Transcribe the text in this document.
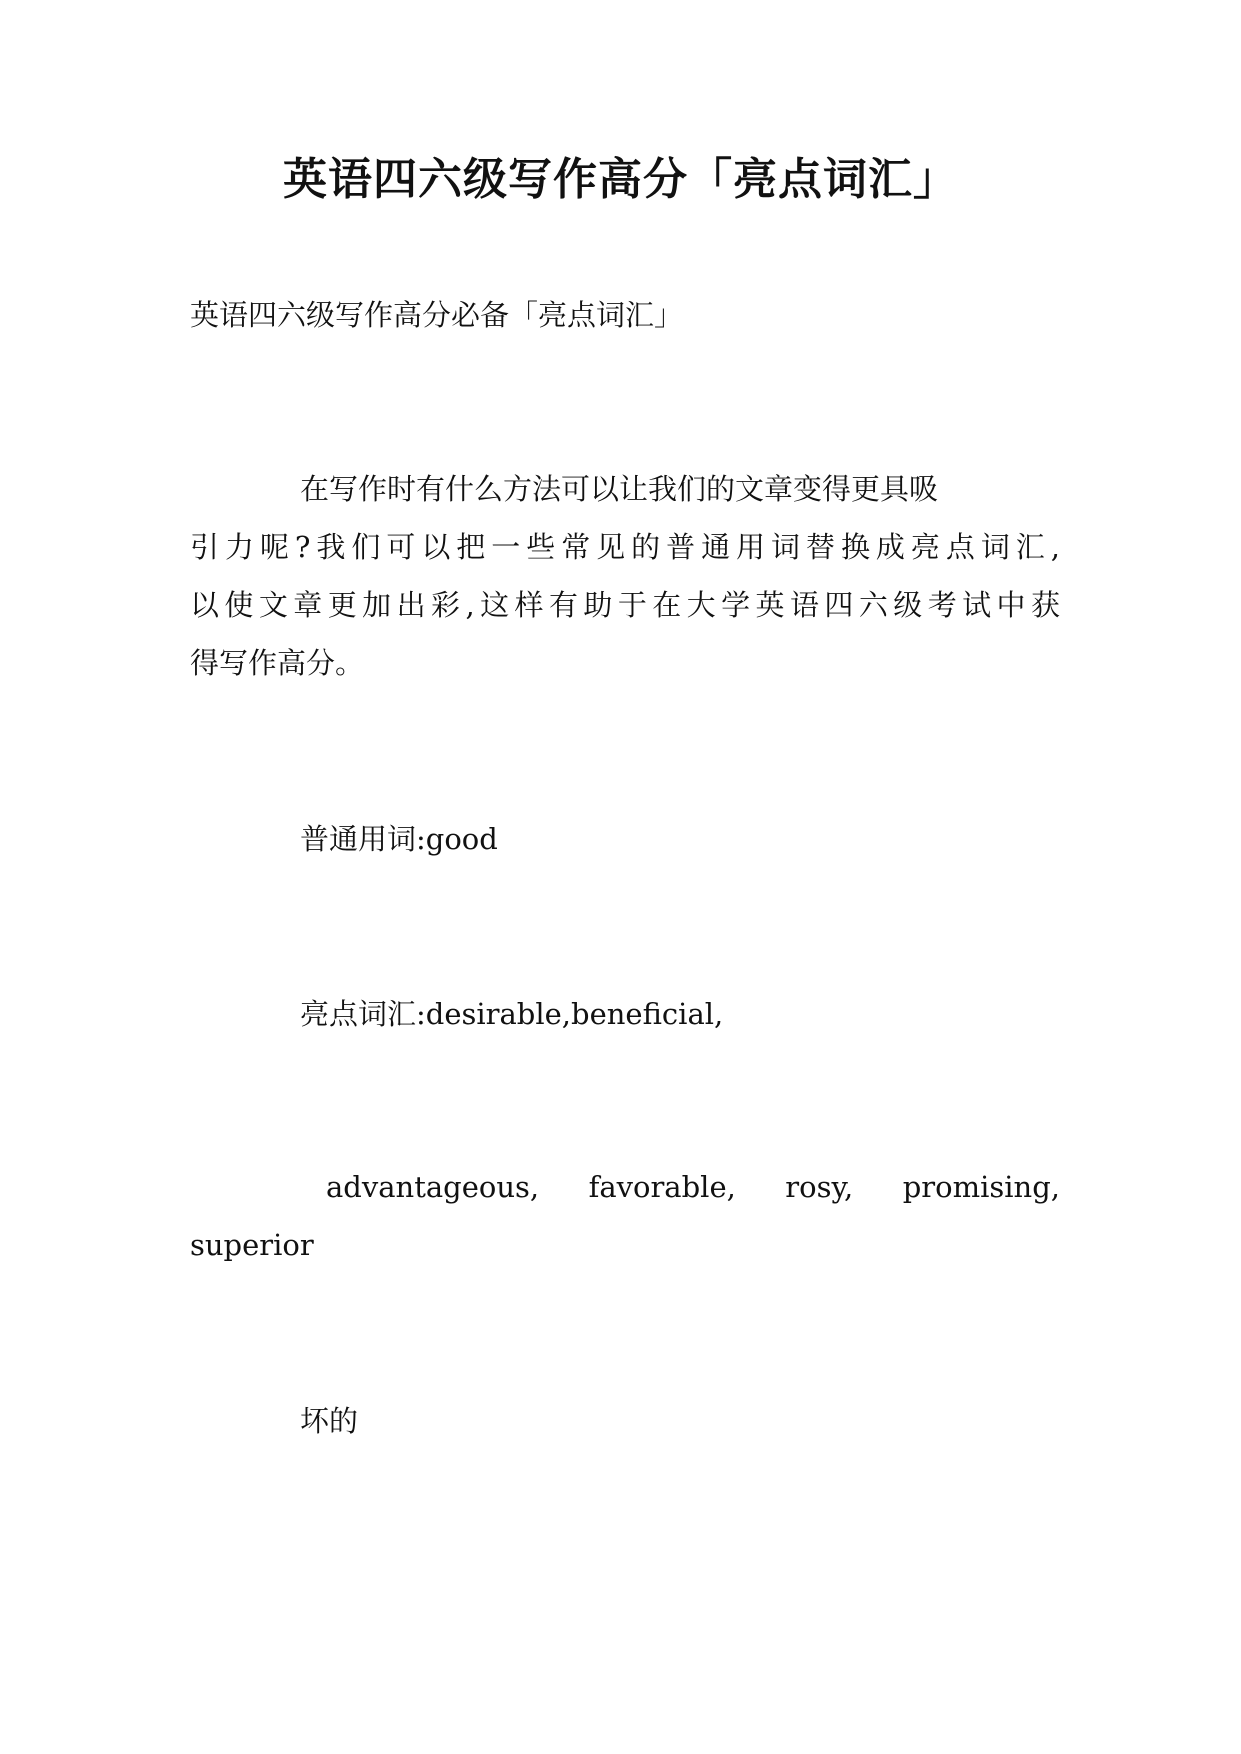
英语四六级写作高分「亮点词汇」

英语四六级写作高分必备「亮点词汇」

在写作时有什么方法可以让我们的文章变得更具吸

引力呢?我们可以把一些常见的普通用词替换成亮点词汇,

以使文章更加出彩,这样有助于在大学英语四六级考试中获

得写作高分。

普通用词:good

亮点词汇:desirable,beneficial,

advantageous, favorable, rosy, promising,

superior

坏的
